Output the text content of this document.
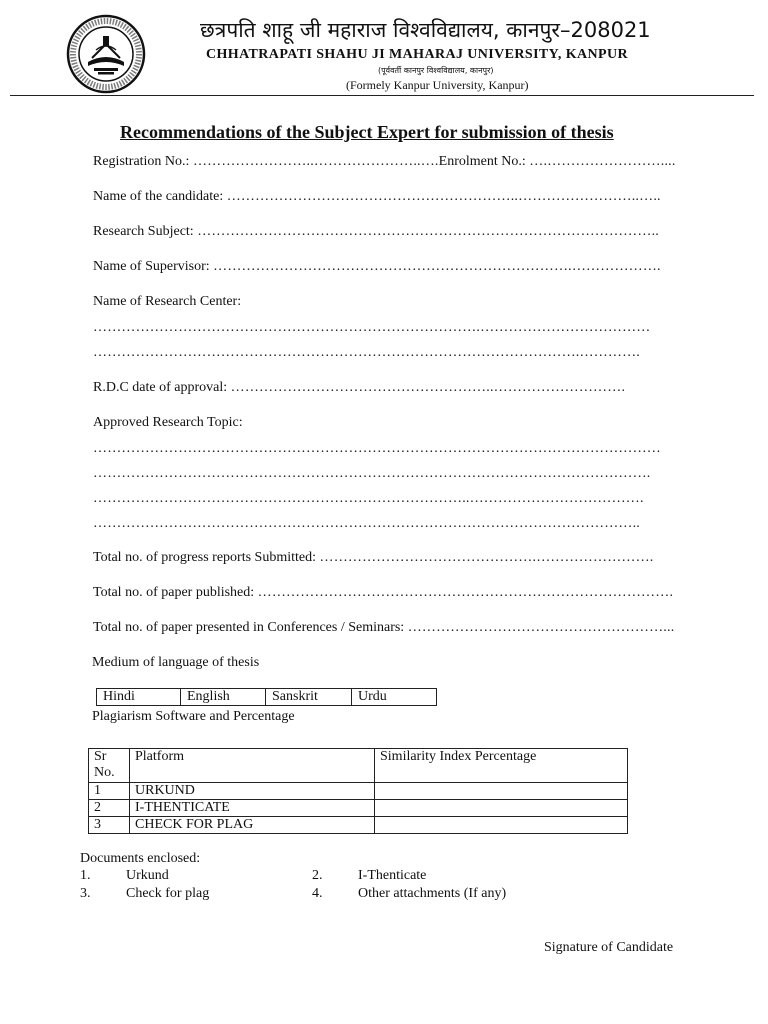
छत्रपति शाहू जी महाराज विश्वविद्यालय, कानपुर–208021
CHHATRAPATI SHAHU JI MAHARAJ UNIVERSITY, KANPUR
(पूर्ववर्ती कानपुर विश्वविद्यालय, कानपुर)
(Formely Kanpur University, Kanpur)
Recommendations of the Subject Expert for submission of thesis
Registration No.: ……………………..…………………..….Enrolment No.: ….……………………....
Name of the candidate: ……………………………………………………..……………………..…..
Research Subject: ……………………………………………………………………………………..
Name of Supervisor: ………………………………………………………………….……………….
Name of Research Center:
……………………………………………………………………….………………………………
………………………………………………………………………………………….………….
R.D.C date of approval: ………………………………………………..……………………….
Approved Research Topic:
…………………………………………………………………………………………………………
……………………………………………………………………………………………………….
……………………………………………………………………..……………………………….
……………………………………………………………………………………………………..
Total no. of progress reports Submitted: ……………………………………….…………………….
Total no. of paper published: …………………………………………………………………………….
Total no. of paper presented in Conferences / Seminars: ………………………………………………...
Medium of language of thesis
Hindi	English	Sanskrit	Urdu
Plagiarism Software and Percentage
Sr
No.	Platform	Similarity Index Percentage
1	URKUND	
2	I-THENTICATE	
3	CHECK FOR PLAG	
Documents enclosed:
1.	Urkund	2.	I-Thenticate
3.	Check for plag	4.	Other attachments (If any)
Signature of Candidate
